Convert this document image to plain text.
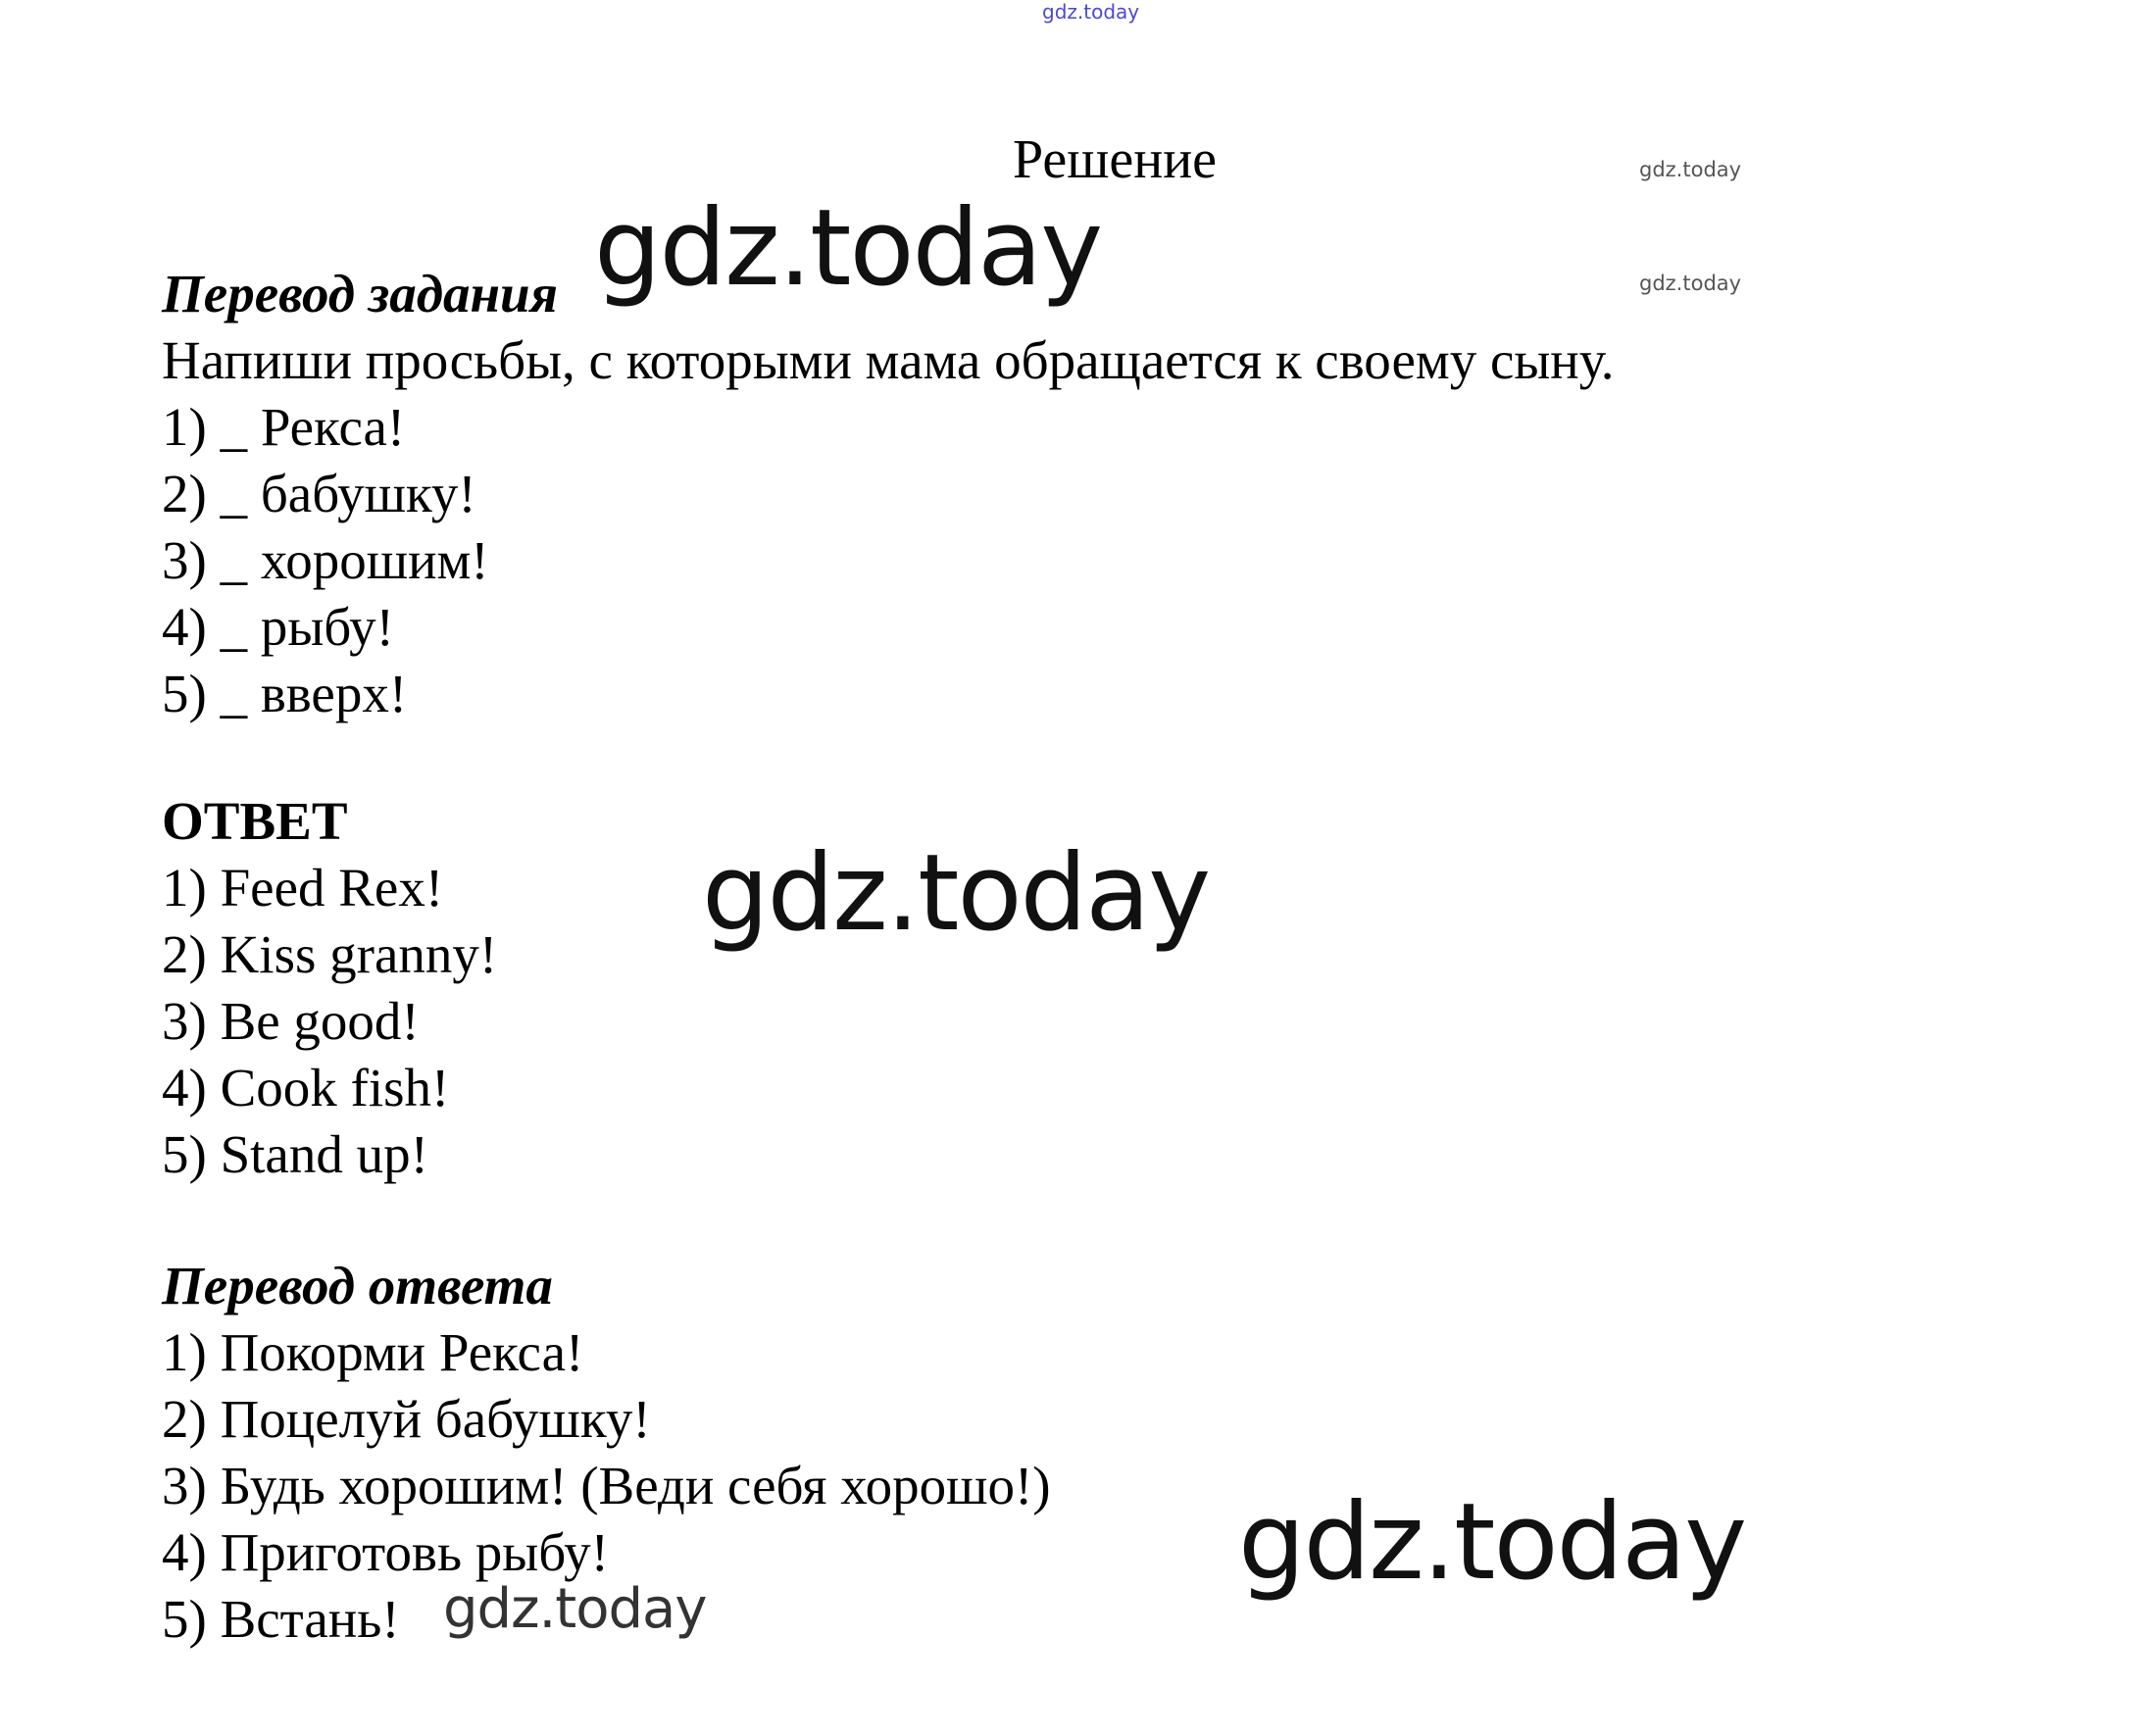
gdz.today
gdz.today
gdz.today
gdz.today
gdz.today
gdz.today
gdz.today
Решение
Перевод задания
Напиши просьбы, с которыми мама обращается к своему сыну.
1) _ Рекса!
2) _ бабушку!
3) _ хорошим!
4) _ рыбу!
5) _ вверх!
ОТВЕТ
1) Feed Rex!
2) Kiss granny!
3) Be good!
4) Cook fish!
5) Stand up!
Перевод ответа
1) Покорми Рекса!
2) Поцелуй бабушку!
3) Будь хорошим! (Веди себя хорошо!)
4) Приготовь рыбу!
5) Встань!
